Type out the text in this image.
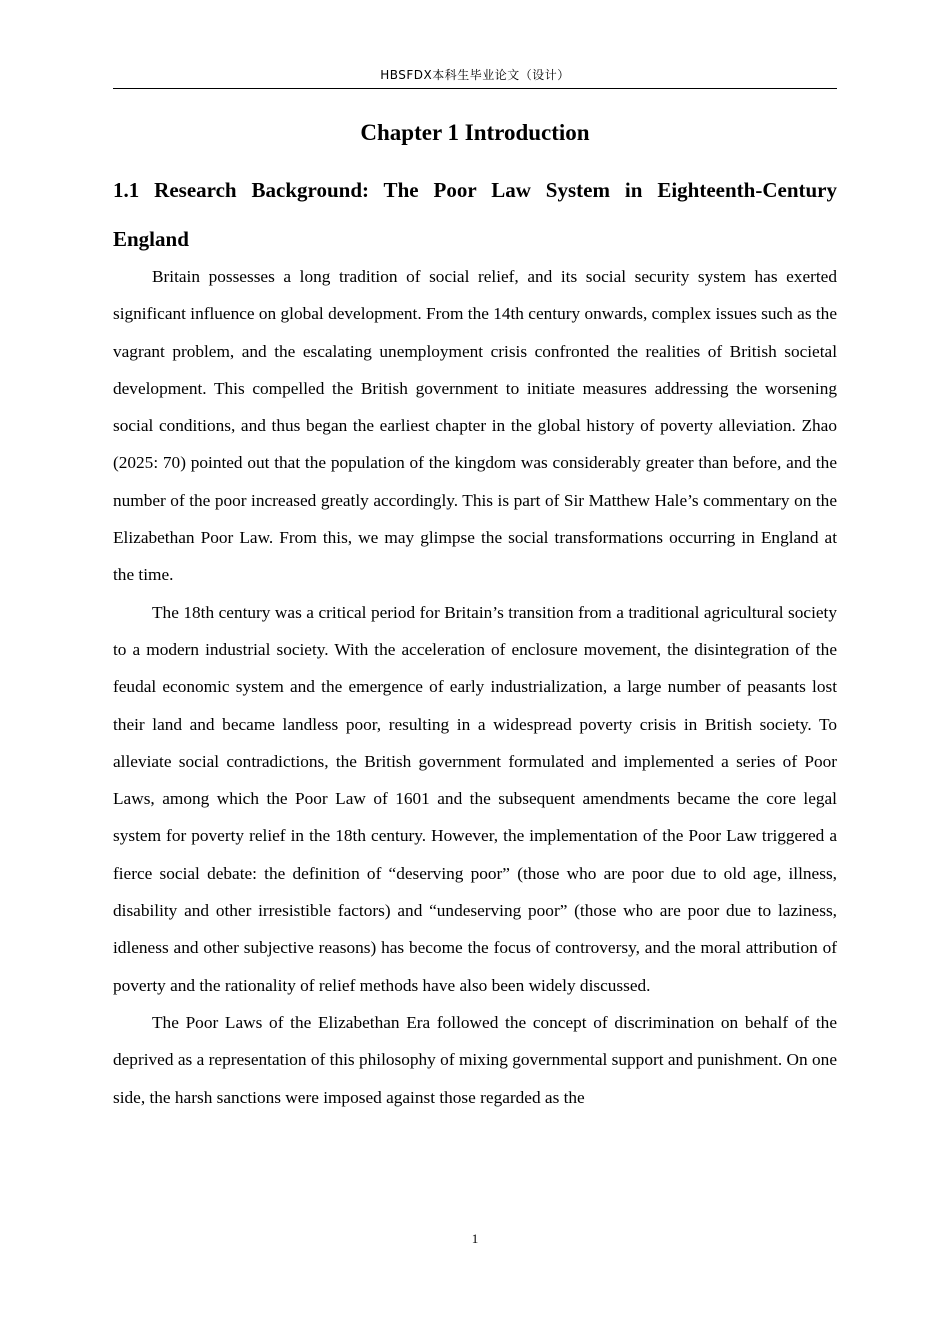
HBSFDX本科生毕业论文（设计）
Chapter 1 Introduction
1.1 Research Background: The Poor Law System in Eighteenth-Century England

Britain possesses a long tradition of social relief, and its social security system has exerted significant influence on global development. From the 14th century onwards, complex issues such as the vagrant problem, and the escalating unemployment crisis confronted the realities of British societal development. This compelled the British government to initiate measures addressing the worsening social conditions, and thus began the earliest chapter in the global history of poverty alleviation. Zhao (2025: 70) pointed out that the population of the kingdom was considerably greater than before, and the number of the poor increased greatly accordingly. This is part of Sir Matthew Hale’s commentary on the Elizabethan Poor Law. From this, we may glimpse the social transformations occurring in England at the time.

The 18th century was a critical period for Britain’s transition from a traditional agricultural society to a modern industrial society. With the acceleration of enclosure movement, the disintegration of the feudal economic system and the emergence of early industrialization, a large number of peasants lost their land and became landless poor, resulting in a widespread poverty crisis in British society. To alleviate social contradictions, the British government formulated and implemented a series of Poor Laws, among which the Poor Law of 1601 and the subsequent amendments became the core legal system for poverty relief in the 18th century. However, the implementation of the Poor Law triggered a fierce social debate: the definition of “deserving poor” (those who are poor due to old age, illness, disability and other irresistible factors) and “undeserving poor” (those who are poor due to laziness, idleness and other subjective reasons) has become the focus of controversy, and the moral attribution of poverty and the rationality of relief methods have also been widely discussed.

The Poor Laws of the Elizabethan Era followed the concept of discrimination on behalf of the deprived as a representation of this philosophy of mixing governmental support and punishment. On one side, the harsh sanctions were imposed against those regarded as the

1
